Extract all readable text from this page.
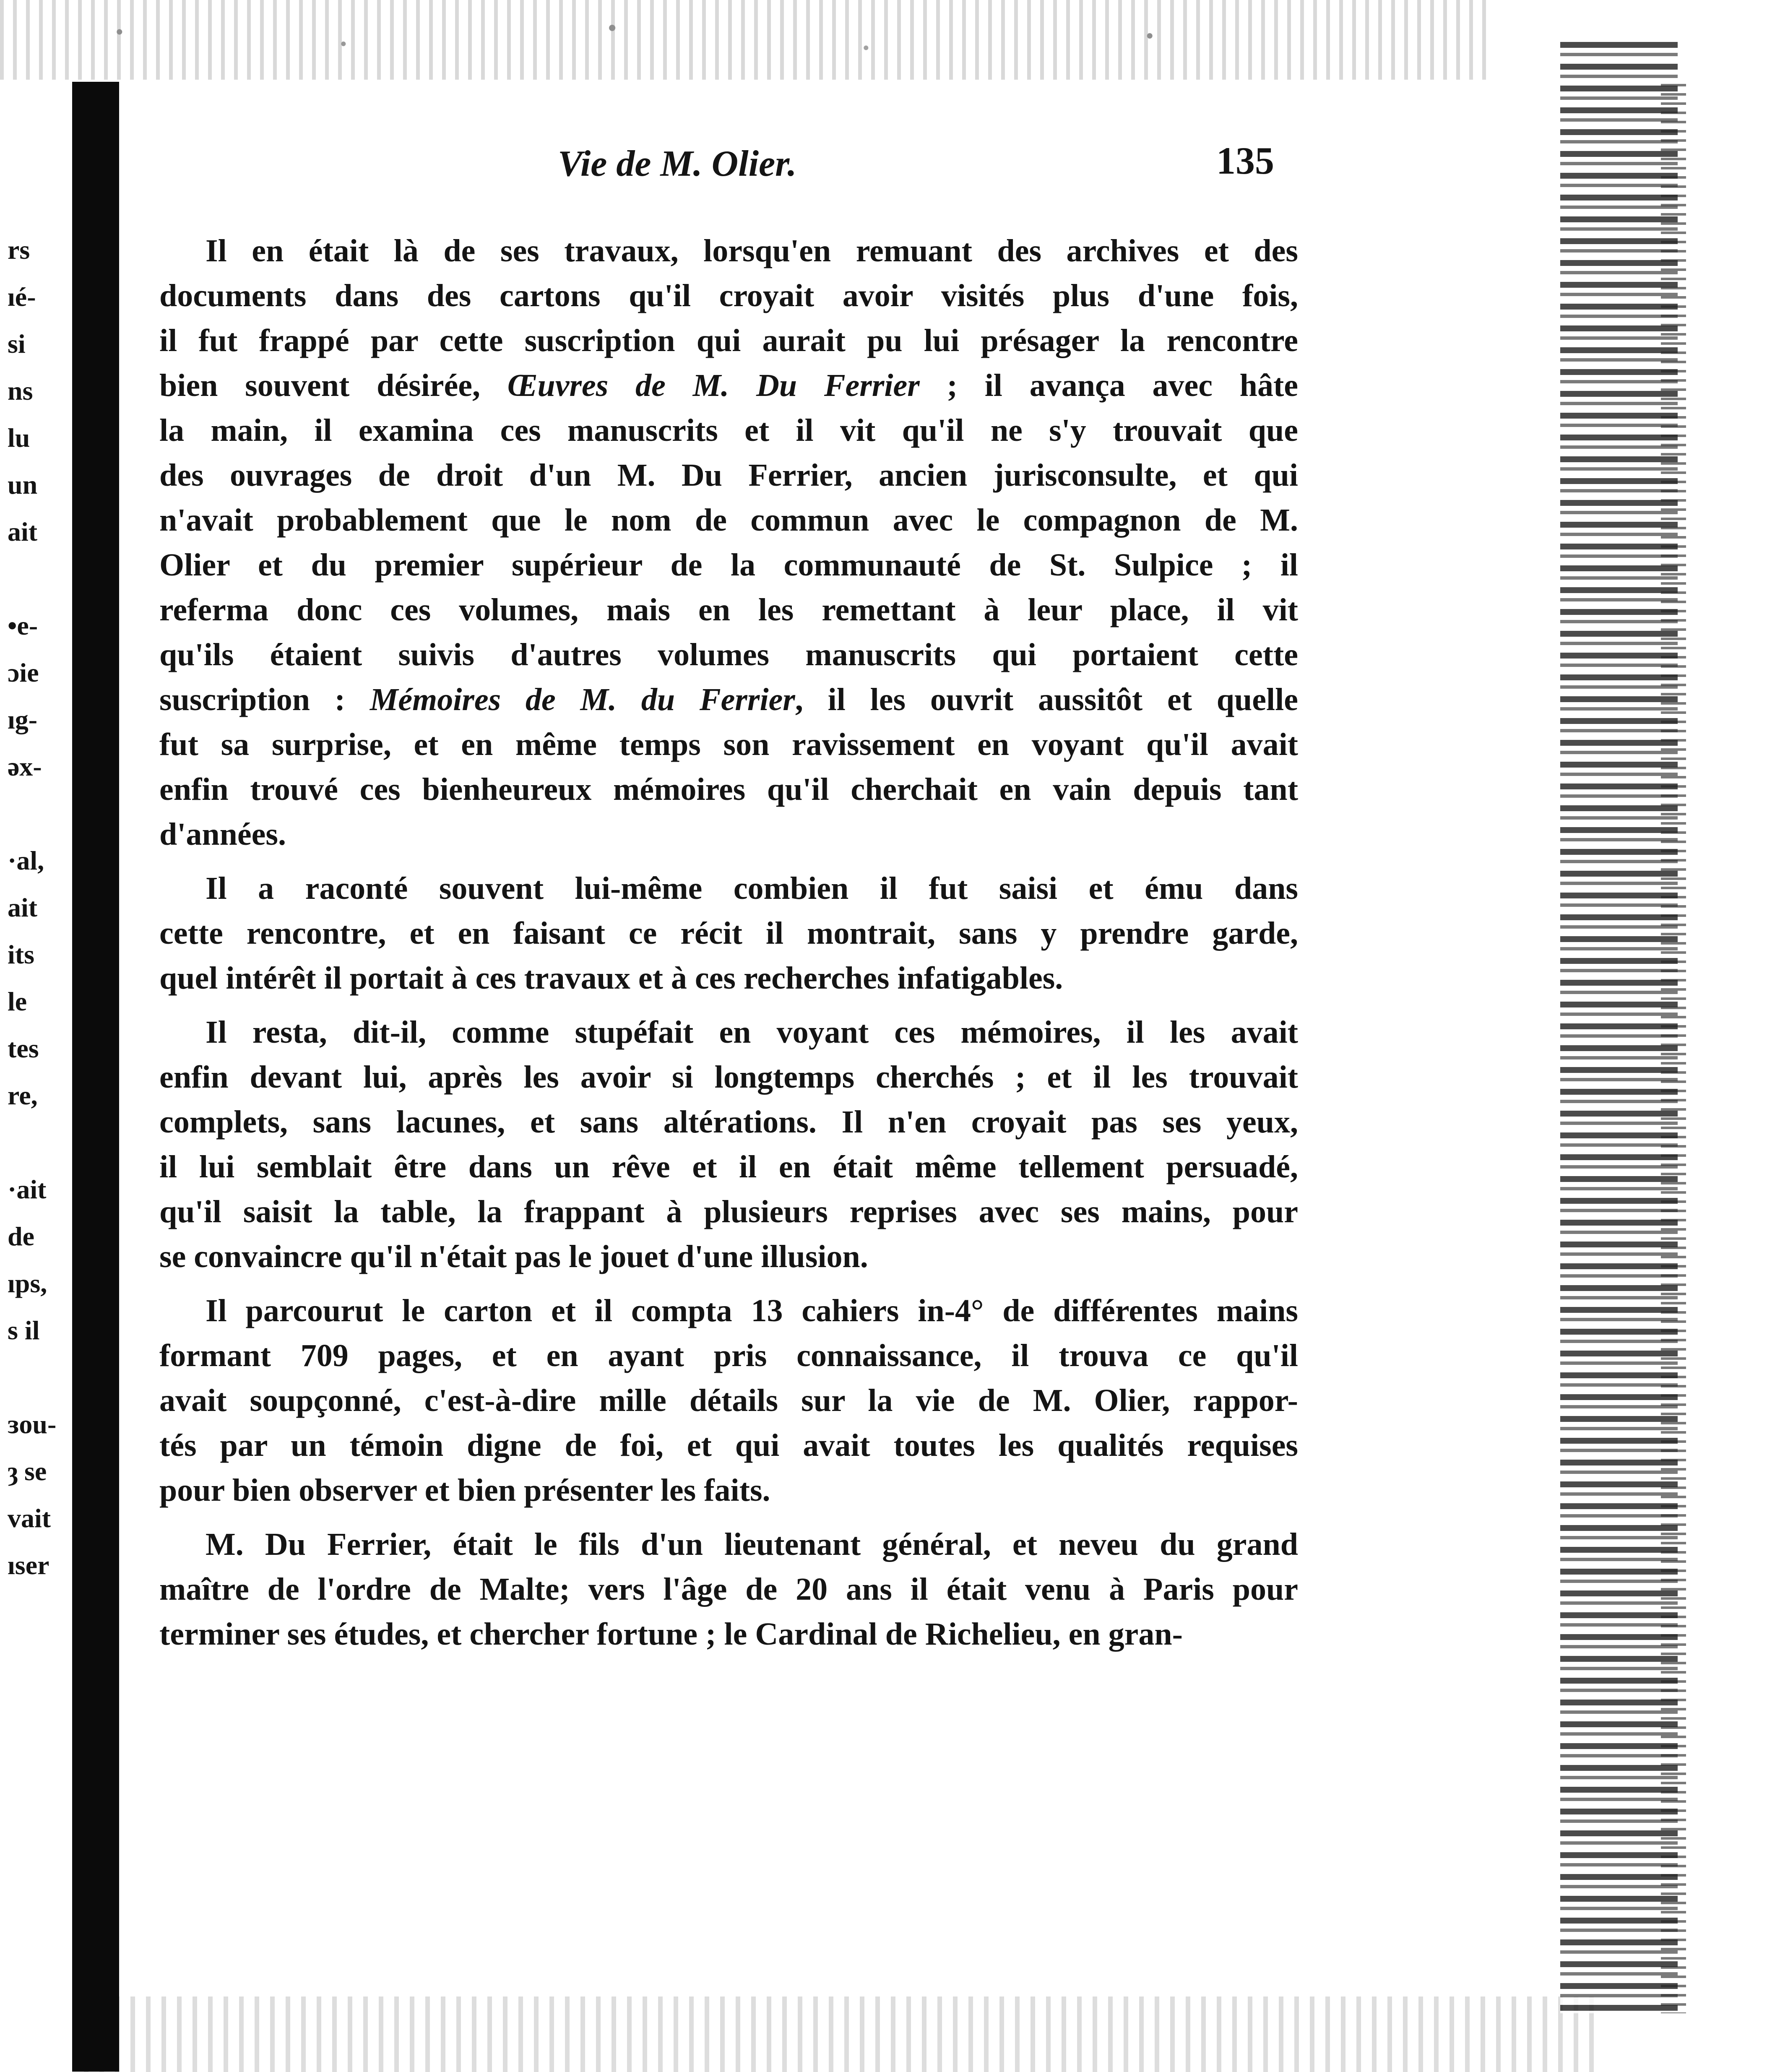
rs
ıé-
si
ns
lu
un
ait
•e-
ɔie
ıg-
əx-
·al,
ait
its
le
tes
re,
·ait
de
ıps,
s il
ɜou-
ȝ se
vait
ıser
Vie de M. Olier.	135
Il en était là de ses travaux, lorsqu'en remuant des archives et des
documents dans des cartons qu'il croyait avoir visités plus d'une fois,
il fut frappé par cette suscription qui aurait pu lui présager la rencontre
bien souvent désirée, Œuvres de M. Du Ferrier ; il avança avec hâte
la main, il examina ces manuscrits et il vit qu'il ne s'y trouvait que
des ouvrages de droit d'un M. Du Ferrier, ancien jurisconsulte, et qui
n'avait probablement que le nom de commun avec le compagnon de M.
Olier et du premier supérieur de la communauté de St. Sulpice ; il
referma donc ces volumes, mais en les remettant à leur place, il vit
qu'ils étaient suivis d'autres volumes manuscrits qui portaient cette
suscription : Mémoires de M. du Ferrier, il les ouvrit aussitôt et quelle
fut sa surprise, et en même temps son ravissement en voyant qu'il avait
enfin trouvé ces bienheureux mémoires qu'il cherchait en vain depuis tant
d'années.
Il a raconté souvent lui-même combien il fut saisi et ému dans
cette rencontre, et en faisant ce récit il montrait, sans y prendre garde,
quel intérêt il portait à ces travaux et à ces recherches infatigables.
Il resta, dit-il, comme stupéfait en voyant ces mémoires, il les avait
enfin devant lui, après les avoir si longtemps cherchés ; et il les trouvait
complets, sans lacunes, et sans altérations. Il n'en croyait pas ses yeux,
il lui semblait être dans un rêve et il en était même tellement persuadé,
qu'il saisit la table, la frappant à plusieurs reprises avec ses mains, pour
se convaincre qu'il n'était pas le jouet d'une illusion.
Il parcourut le carton et il compta 13 cahiers in-4° de différentes mains
formant 709 pages, et en ayant pris connaissance, il trouva ce qu'il
avait soupçonné, c'est-à-dire mille détails sur la vie de M. Olier, rappor-
tés par un témoin digne de foi, et qui avait toutes les qualités requises
pour bien observer et bien présenter les faits.
M. Du Ferrier, était le fils d'un lieutenant général, et neveu du grand
maître de l'ordre de Malte; vers l'âge de 20 ans il était venu à Paris pour
terminer ses études, et chercher fortune ; le Cardinal de Richelieu, en gran-
